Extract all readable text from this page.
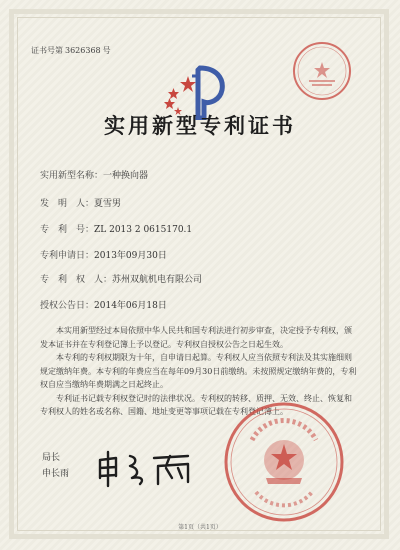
证书号第 3626368 号
实用新型专利证书
实用新型名称：一种换向器
发　明　人：夏雪男
专　利　号：ZL 2013 2 0615170.1
专利申请日：2013年09月30日
专　利　权　人：苏州双航机电有限公司
授权公告日：2014年06月18日

本实用新型经过本局依照中华人民共和国专利法进行初步审查，决定授予专利权，颁发本证书并在专利登记簿上予以登记。专利权自授权公告之日起生效。

本专利的专利权期限为十年，自申请日起算。专利权人应当依照专利法及其实施细则规定缴纳年费。本专利的年费应当在每年09月30日前缴纳。未按照规定缴纳年费的，专利权自应当缴纳年费期满之日起终止。

专利证书记载专利权登记时的法律状况。专利权的转移、质押、无效、终止、恢复和专利权人的姓名或名称、国籍、地址变更等事项记载在专利登记簿上。

局长
申长雨
第1页（共1页）
